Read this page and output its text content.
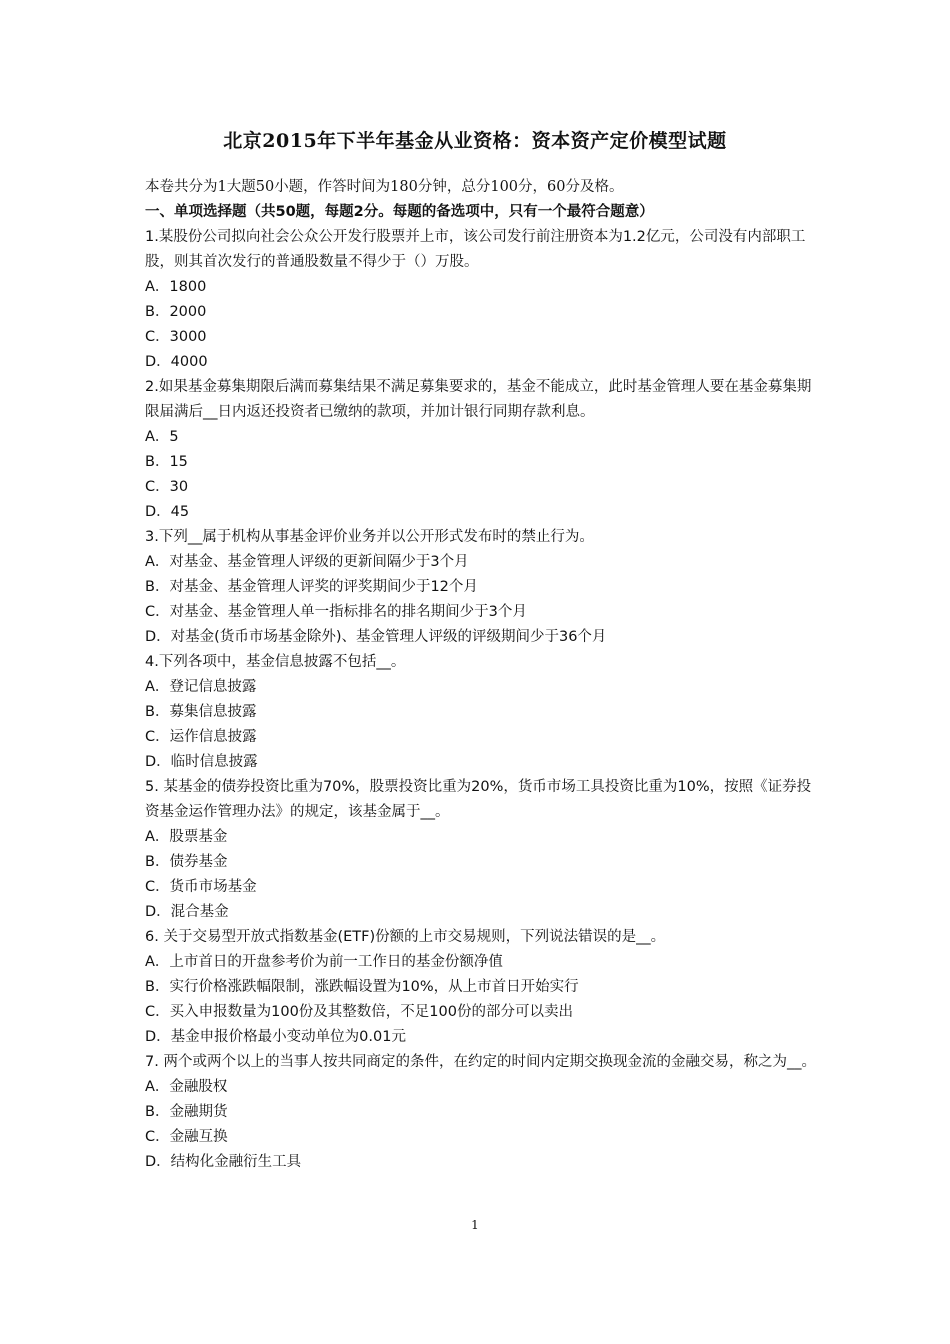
北京2015年下半年基金从业资格：资本资产定价模型试题
本卷共分为1大题50小题，作答时间为180分钟，总分100分，60分及格。
一、单项选择题（共50题，每题2分。每题的备选项中，只有一个最符合题意）
1.某股份公司拟向社会公众公开发行股票并上市，该公司发行前注册资本为1.2亿元，公司没有内部职工股，则其首次发行的普通股数量不得少于（）万股。
A．1800
B．2000
C．3000
D．4000
2.如果基金募集期限后满而募集结果不满足募集要求的，基金不能成立，此时基金管理人要在基金募集期限届满后__日内返还投资者已缴纳的款项，并加计银行同期存款利息。
A．5
B．15
C．30
D．45
3.下列__属于机构从事基金评价业务并以公开形式发布时的禁止行为。
A．对基金、基金管理人评级的更新间隔少于3个月
B．对基金、基金管理人评奖的评奖期间少于12个月
C．对基金、基金管理人单一指标排名的排名期间少于3个月
D．对基金(货币市场基金除外)、基金管理人评级的评级期间少于36个月
4.下列各项中，基金信息披露不包括__。
A．登记信息披露
B．募集信息披露
C．运作信息披露
D．临时信息披露
5. 某基金的债券投资比重为70%，股票投资比重为20%，货币市场工具投资比重为10%，按照《证券投资基金运作管理办法》的规定，该基金属于__。
A．股票基金
B．债券基金
C．货币市场基金
D．混合基金
6. 关于交易型开放式指数基金(ETF)份额的上市交易规则，下列说法错误的是__。
A．上市首日的开盘参考价为前一工作日的基金份额净值
B．实行价格涨跌幅限制，涨跌幅设置为10%，从上市首日开始实行
C．买入申报数量为100份及其整数倍，不足100份的部分可以卖出
D．基金申报价格最小变动单位为0.01元
7. 两个或两个以上的当事人按共同商定的条件，在约定的时间内定期交换现金流的金融交易，称之为__。
A．金融股权
B．金融期货
C．金融互换
D．结构化金融衍生工具
1
